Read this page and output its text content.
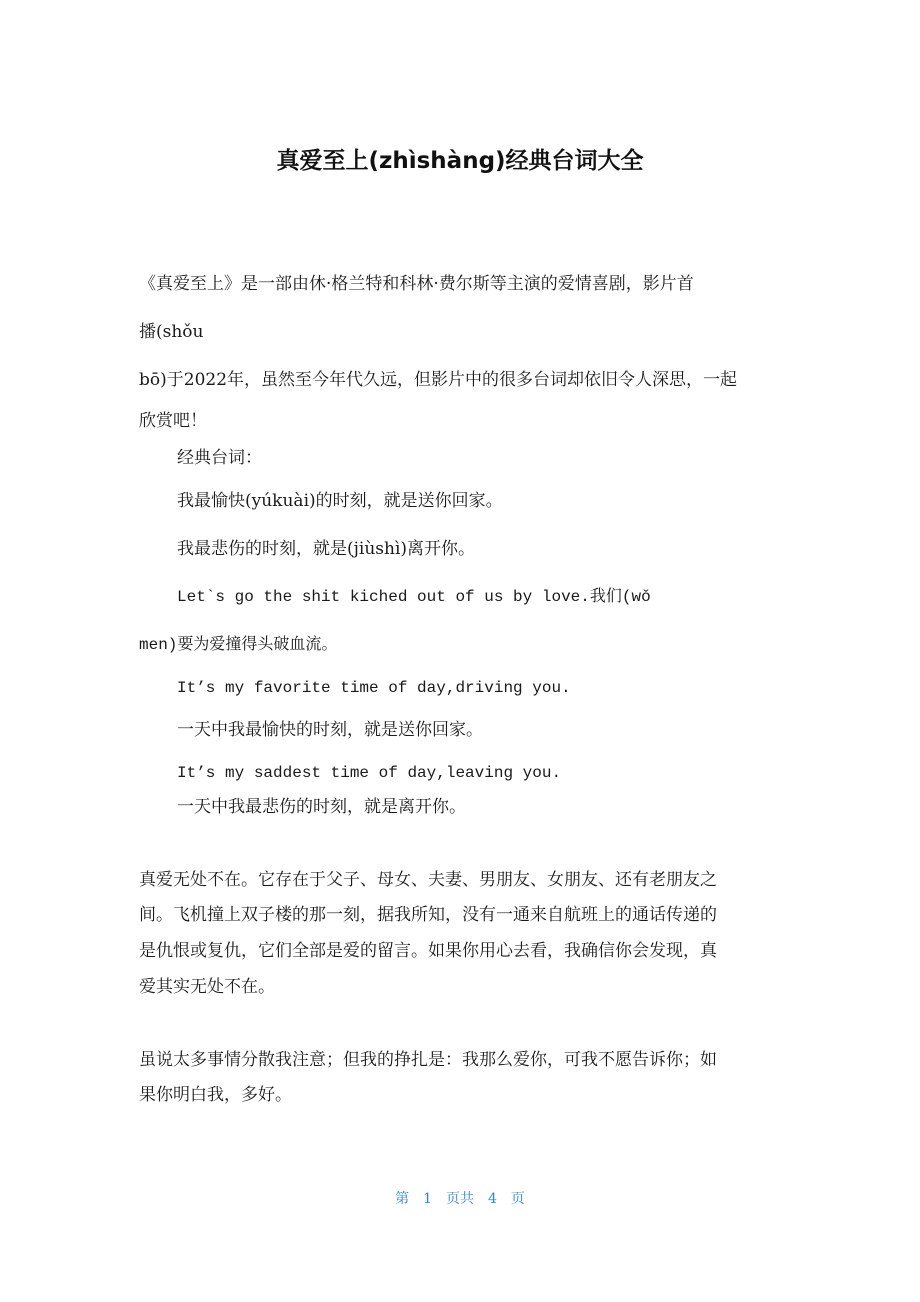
真爱至上(zhìshàng)经典台词大全
《真爱至上》是一部由休·格兰特和科林·费尔斯等主演的爱情喜剧，影片首
播(shǒu
bō)于2022年，虽然至今年代久远，但影片中的很多台词却依旧令人深思，一起
欣赏吧！
经典台词：
我最愉快(yúkuài)的时刻，就是送你回家。
我最悲伤的时刻，就是(jiùshì)离开你。
Let`s go the shit kiched out of us by love.我们(wǒ
men)要为爱撞得头破血流。
It’s my favorite time of day,driving you.
一天中我最愉快的时刻，就是送你回家。
It’s my saddest time of day,leaving you.
一天中我最悲伤的时刻，就是离开你。
真爱无处不在。它存在于父子、母女、夫妻、男朋友、女朋友、还有老朋友之
间。飞机撞上双子楼的那一刻，据我所知，没有一通来自航班上的通话传递的
是仇恨或复仇，它们全部是爱的留言。如果你用心去看，我确信你会发现，真
爱其实无处不在。
虽说太多事情分散我注意；但我的挣扎是：我那么爱你，可我不愿告诉你；如
果你明白我，多好。
第 1 页共 4 页
